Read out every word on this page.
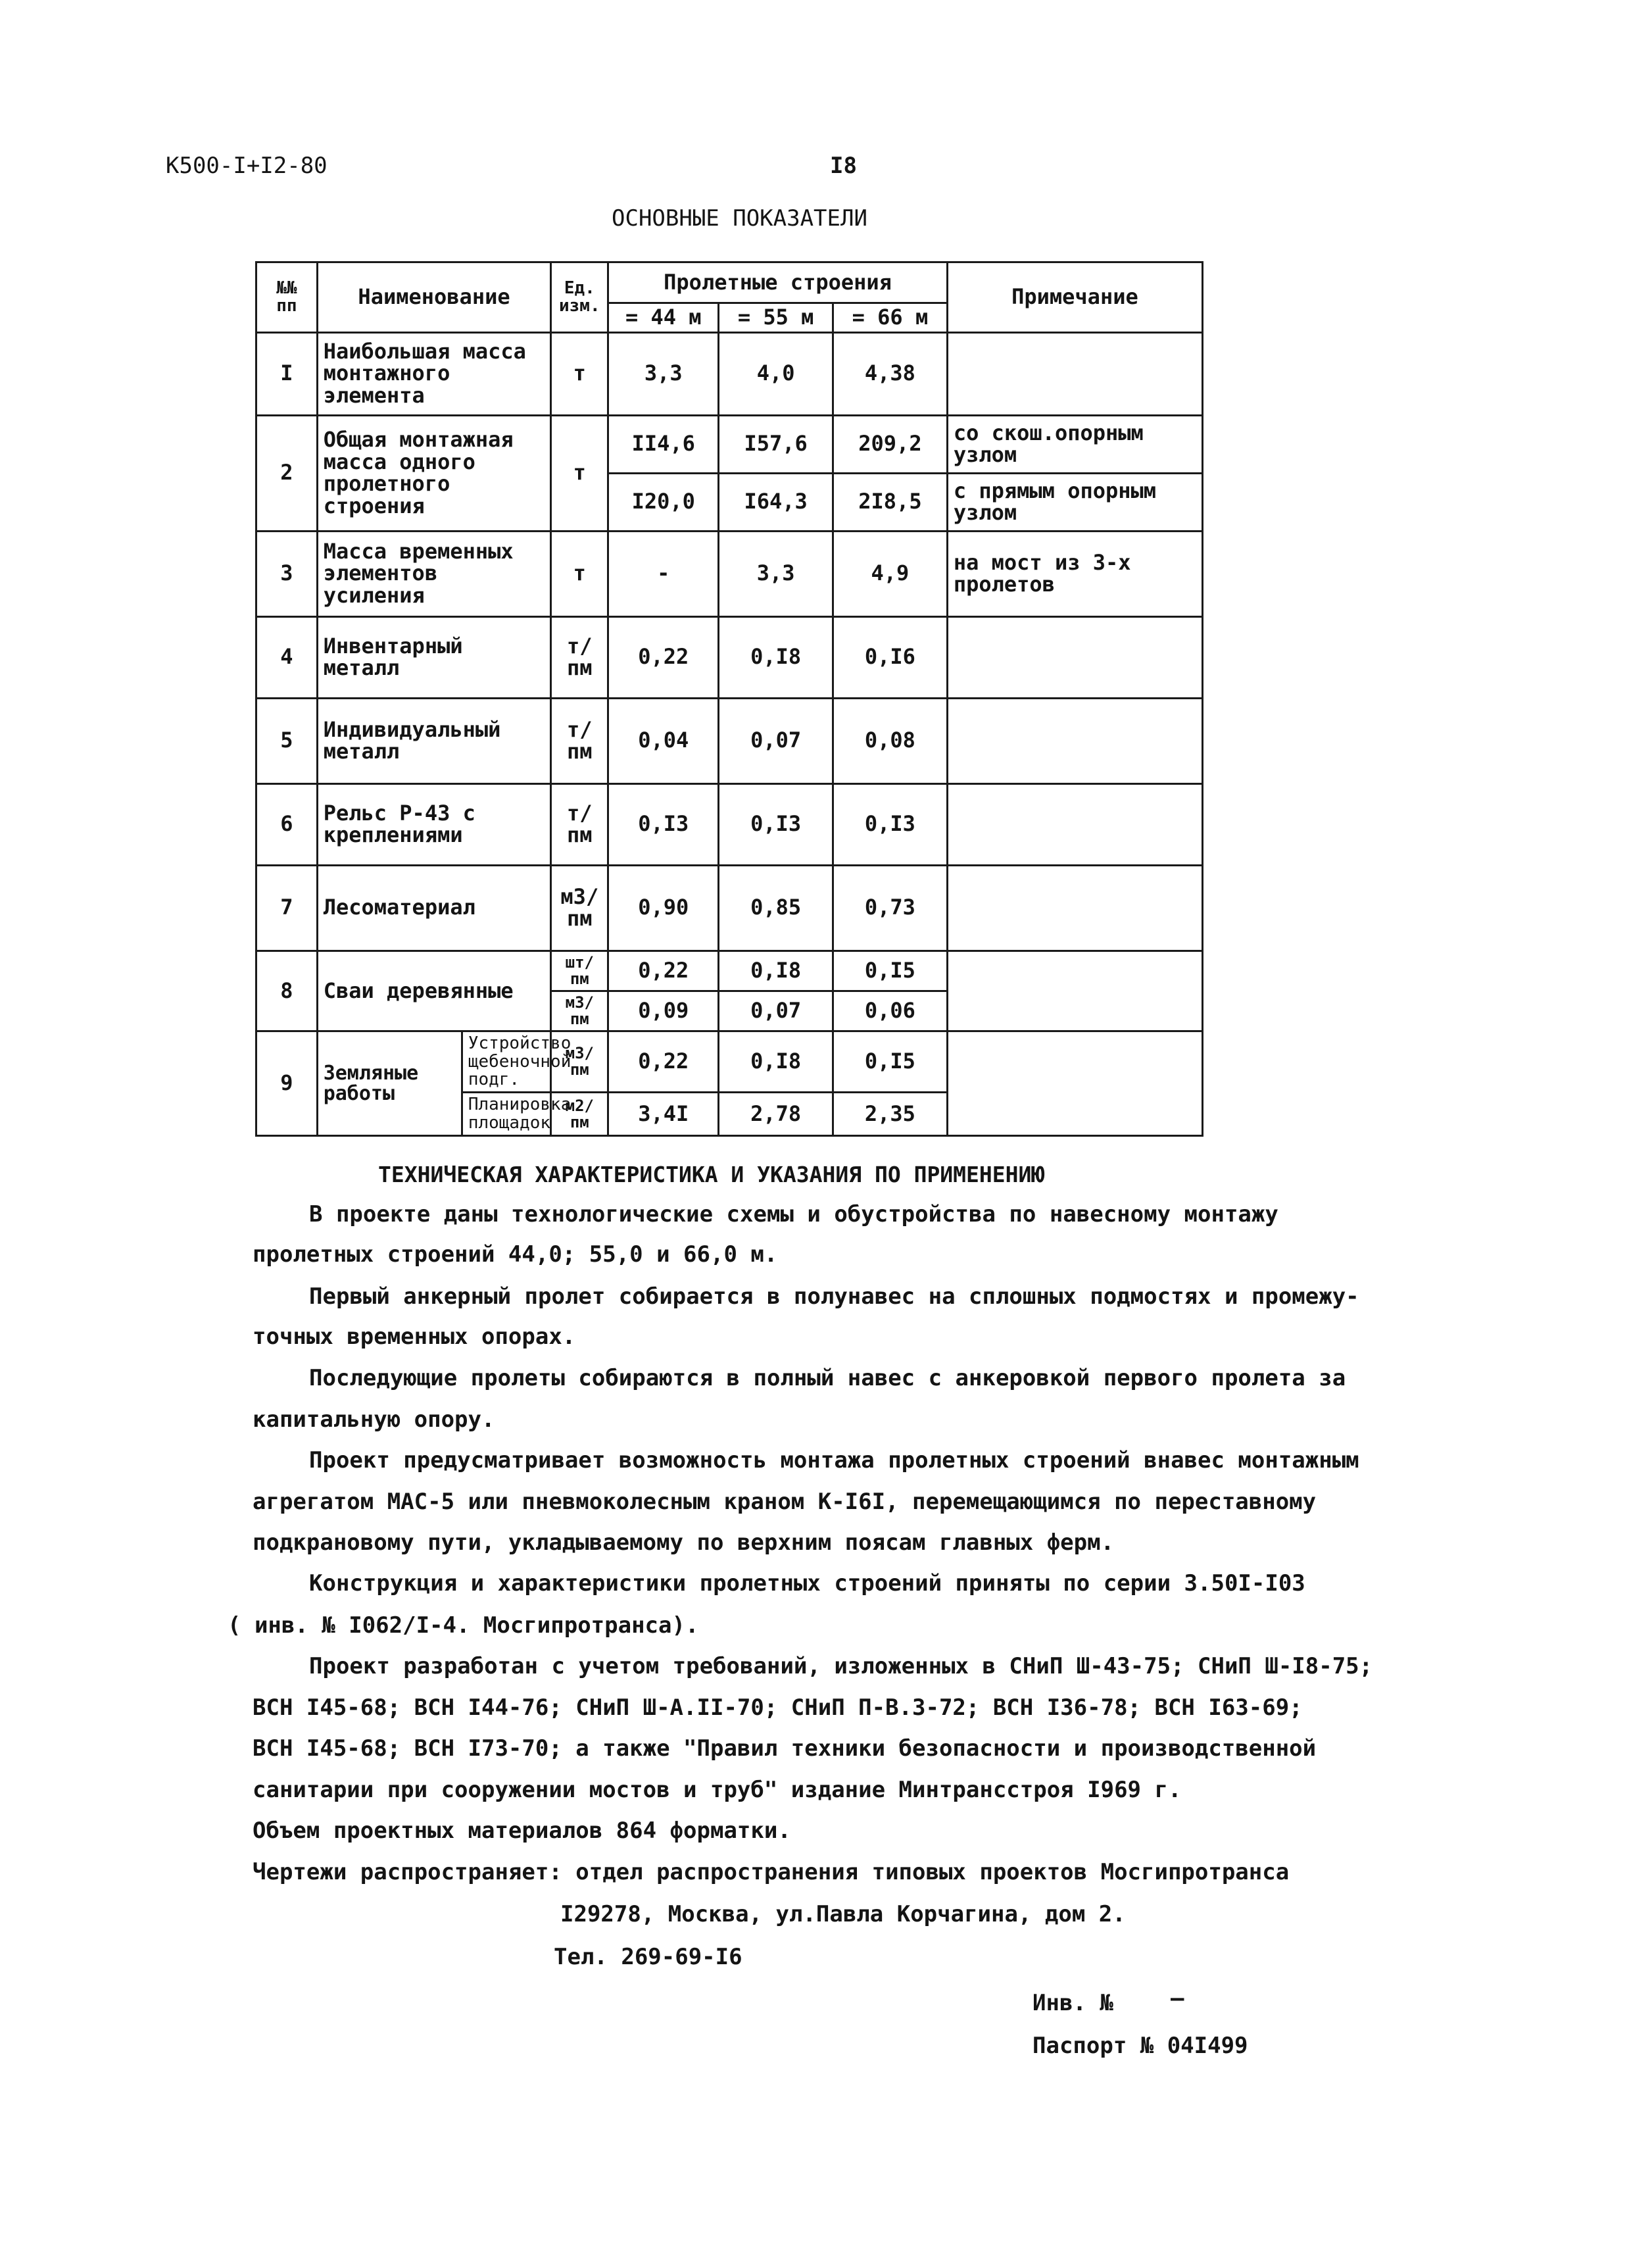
К500-I+I2-80	I8
ОСНОВНЫЕ ПОКАЗАТЕЛИ
№№ пп	Наименование		Ед. изм.	Пролетные строения			Примечание
				= 44 м	= 55 м	= 66 м	
I	Наибольшая масса монтажного элемента		т	3,3	4,0	4,38	
2	Общая монтажная масса одного пролетного строения		т	II4,6	I57,6	209,2	со скош.опорным узлом
				I20,0	I64,3	2I8,5	с прямым опорным узлом
3	Масса временных элементов усиления		т	-	3,3	4,9	на мост из 3-х пролетов
4	Инвентарный металл		т/пм	0,22	0,I8	0,I6	
5	Индивидуальный металл		т/пм	0,04	0,07	0,08	
6	Рельс Р-43 с креплениями		т/пм	0,I3	0,I3	0,I3	
7	Лесоматериал		м3/пм	0,90	0,85	0,73	
8	Сваи деревянные		шт/пм	0,22	0,I8	0,I5	
			м3/пм	0,09	0,07	0,06	
9	Земляные работы	Устройство щебеночной подг.	м3/пм	0,22	0,I8	0,I5	
		Планировка площадок	м2/пм	3,4I	2,78	2,35	
ТЕХНИЧЕСКАЯ ХАРАКТЕРИСТИКА И УКАЗАНИЯ ПО ПРИМЕНЕНИЮ
В проекте даны технологические схемы и обустройства по навесному монтажу
пролетных строений 44,0; 55,0 и 66,0 м.
Первый анкерный пролет собирается в полунавес на сплошных подмостях и промежу-
точных временных опорах.
Последующие пролеты собираются в полный навес с анкеровкой первого пролета за
капитальную опору.
Проект предусматривает возможность монтажа пролетных строений внавес монтажным
агрегатом МАС-5 или пневмоколесным краном К-I6I, перемещающимся по переставному
подкрановому пути, укладываемому по верхним поясам главных ферм.
Конструкция и характеристики пролетных строений приняты по серии 3.50I-I03
( инв. № I062/I-4. Мосгипротранса).
Проект разработан с учетом требований, изложенных в СНиП Ш-43-75; СНиП Ш-I8-75;
ВСН I45-68; ВСН I44-76; СНиП Ш-А.II-70; СНиП П-В.3-72; ВСН I36-78; ВСН I63-69;
ВСН I45-68; ВСН I73-70; а также "Правил техники безопасности и производственной
санитарии при сооружении мостов и труб" издание Минтрансстроя I969 г.
Объем проектных материалов 864 форматки.
Чертежи распространяет: отдел распространения типовых проектов Мосгипротранса
I29278, Москва, ул.Павла Корчагина, дом 2.
Тел. 269-69-I6
Инв. №	—
Паспорт № 04I499
